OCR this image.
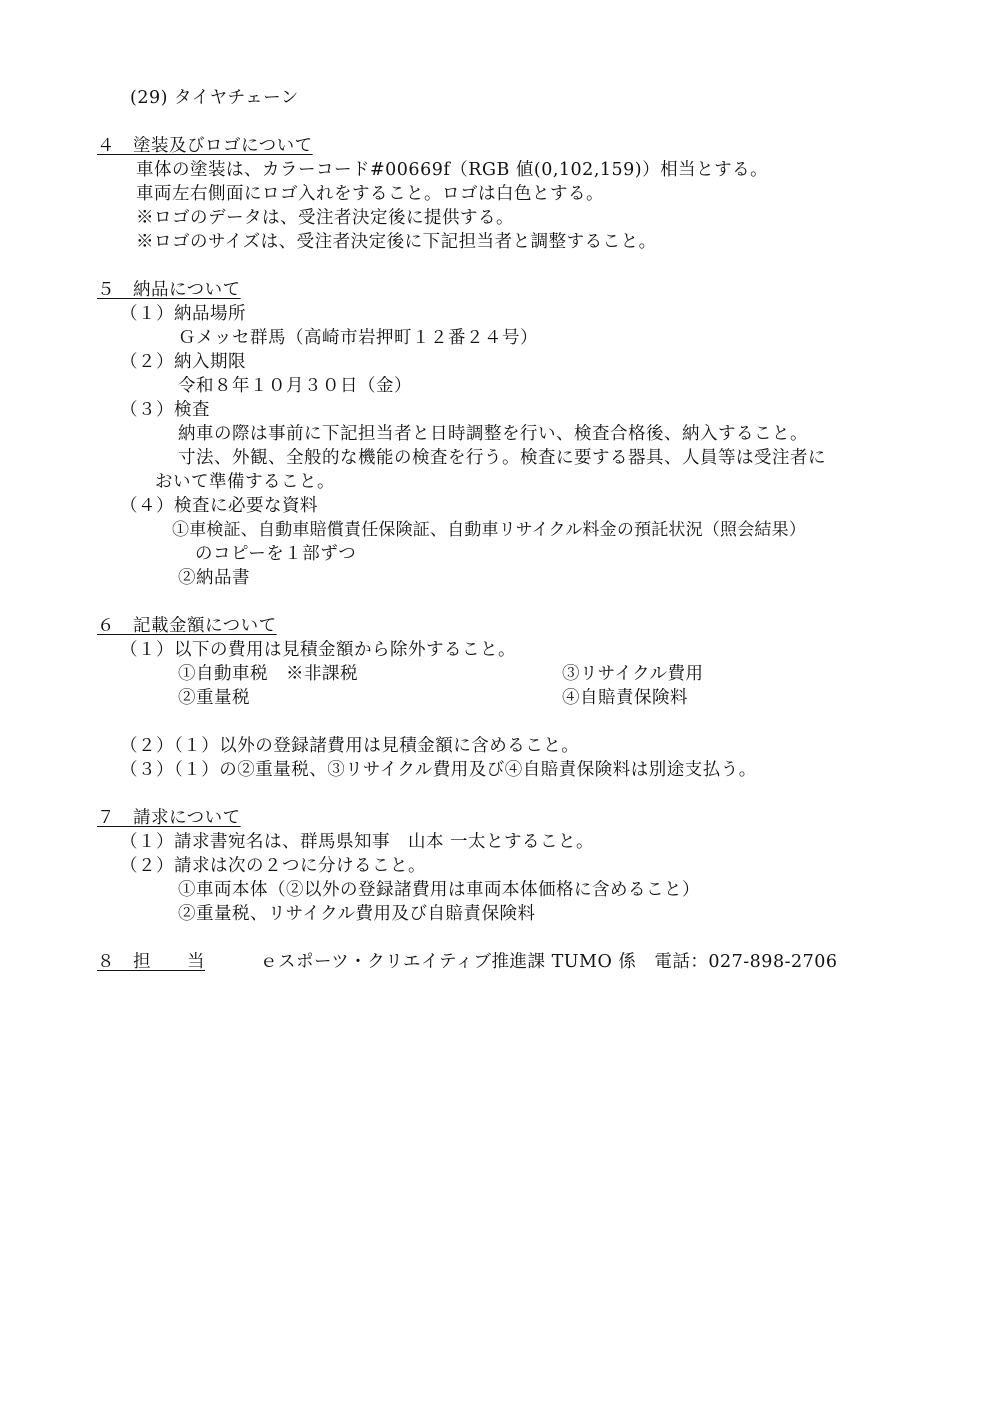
(29) タイヤチェーン
４　塗装及びロゴについて
車体の塗装は、カラーコード#00669f（RGB 値(0,102,159)）相当とする。
車両左右側面にロゴ入れをすること。ロゴは白色とする。
※ロゴのデータは、受注者決定後に提供する。
※ロゴのサイズは、受注者決定後に下記担当者と調整すること。
５　納品について
（１）納品場所
Ｇメッセ群馬（高崎市岩押町１２番２４号）
（２）納入期限
令和８年１０月３０日（金）
（３）検査
納車の際は事前に下記担当者と日時調整を行い、検査合格後、納入すること。
寸法、外観、全般的な機能の検査を行う。検査に要する器具、人員等は受注者に
おいて準備すること。
（４）検査に必要な資料
①車検証、自動車賠償責任保険証、自動車リサイクル料金の預託状況（照会結果）
のコピーを１部ずつ
②納品書
６　記載金額について
（１）以下の費用は見積金額から除外すること。
①自動車税　※非課税	③リサイクル費用
②重量税	④自賠責保険料
（２）（１）以外の登録諸費用は見積金額に含めること。
（３）（１）の②重量税、③リサイクル費用及び④自賠責保険料は別途支払う。
７　請求について
（１）請求書宛名は、群馬県知事　山本 一太とすること。
（２）請求は次の２つに分けること。
①車両本体（②以外の登録諸費用は車両本体価格に含めること）
②重量税、リサイクル費用及び自賠責保険料
８　担　　当	ｅスポーツ・クリエイティブ推進課 TUMO 係　電話：027-898-2706
